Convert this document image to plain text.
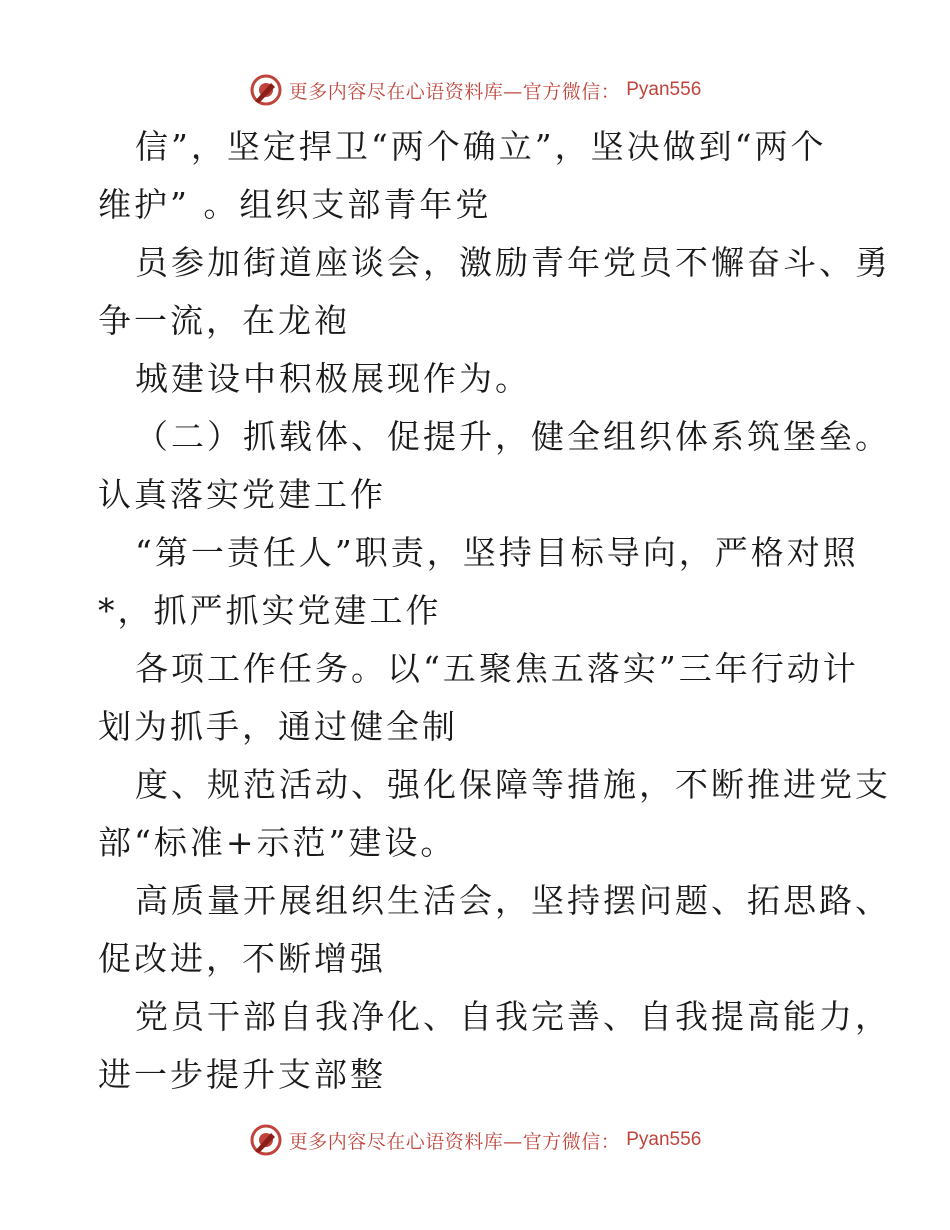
更多内容尽在心语资料库—官方微信： Pyan556
信”，坚定捍卫“两个确立”，坚决做到“两个
维护” 。组织支部青年党
员参加街道座谈会，激励青年党员不懈奋斗、勇
争一流，在龙袍
城建设中积极展现作为。
（二）抓载体、促提升，健全组织体系筑堡垒。
认真落实党建工作
“第一责任人”职责，坚持目标导向，严格对照
*，抓严抓实党建工作
各项工作任务。以“五聚焦五落实”三年行动计
划为抓手，通过健全制
度、规范活动、强化保障等措施，不断推进党支
部“标准+示范”建设。
高质量开展组织生活会，坚持摆问题、拓思路、
促改进，不断增强
党员干部自我净化、自我完善、自我提高能力，
进一步提升支部整
更多内容尽在心语资料库—官方微信： Pyan556
